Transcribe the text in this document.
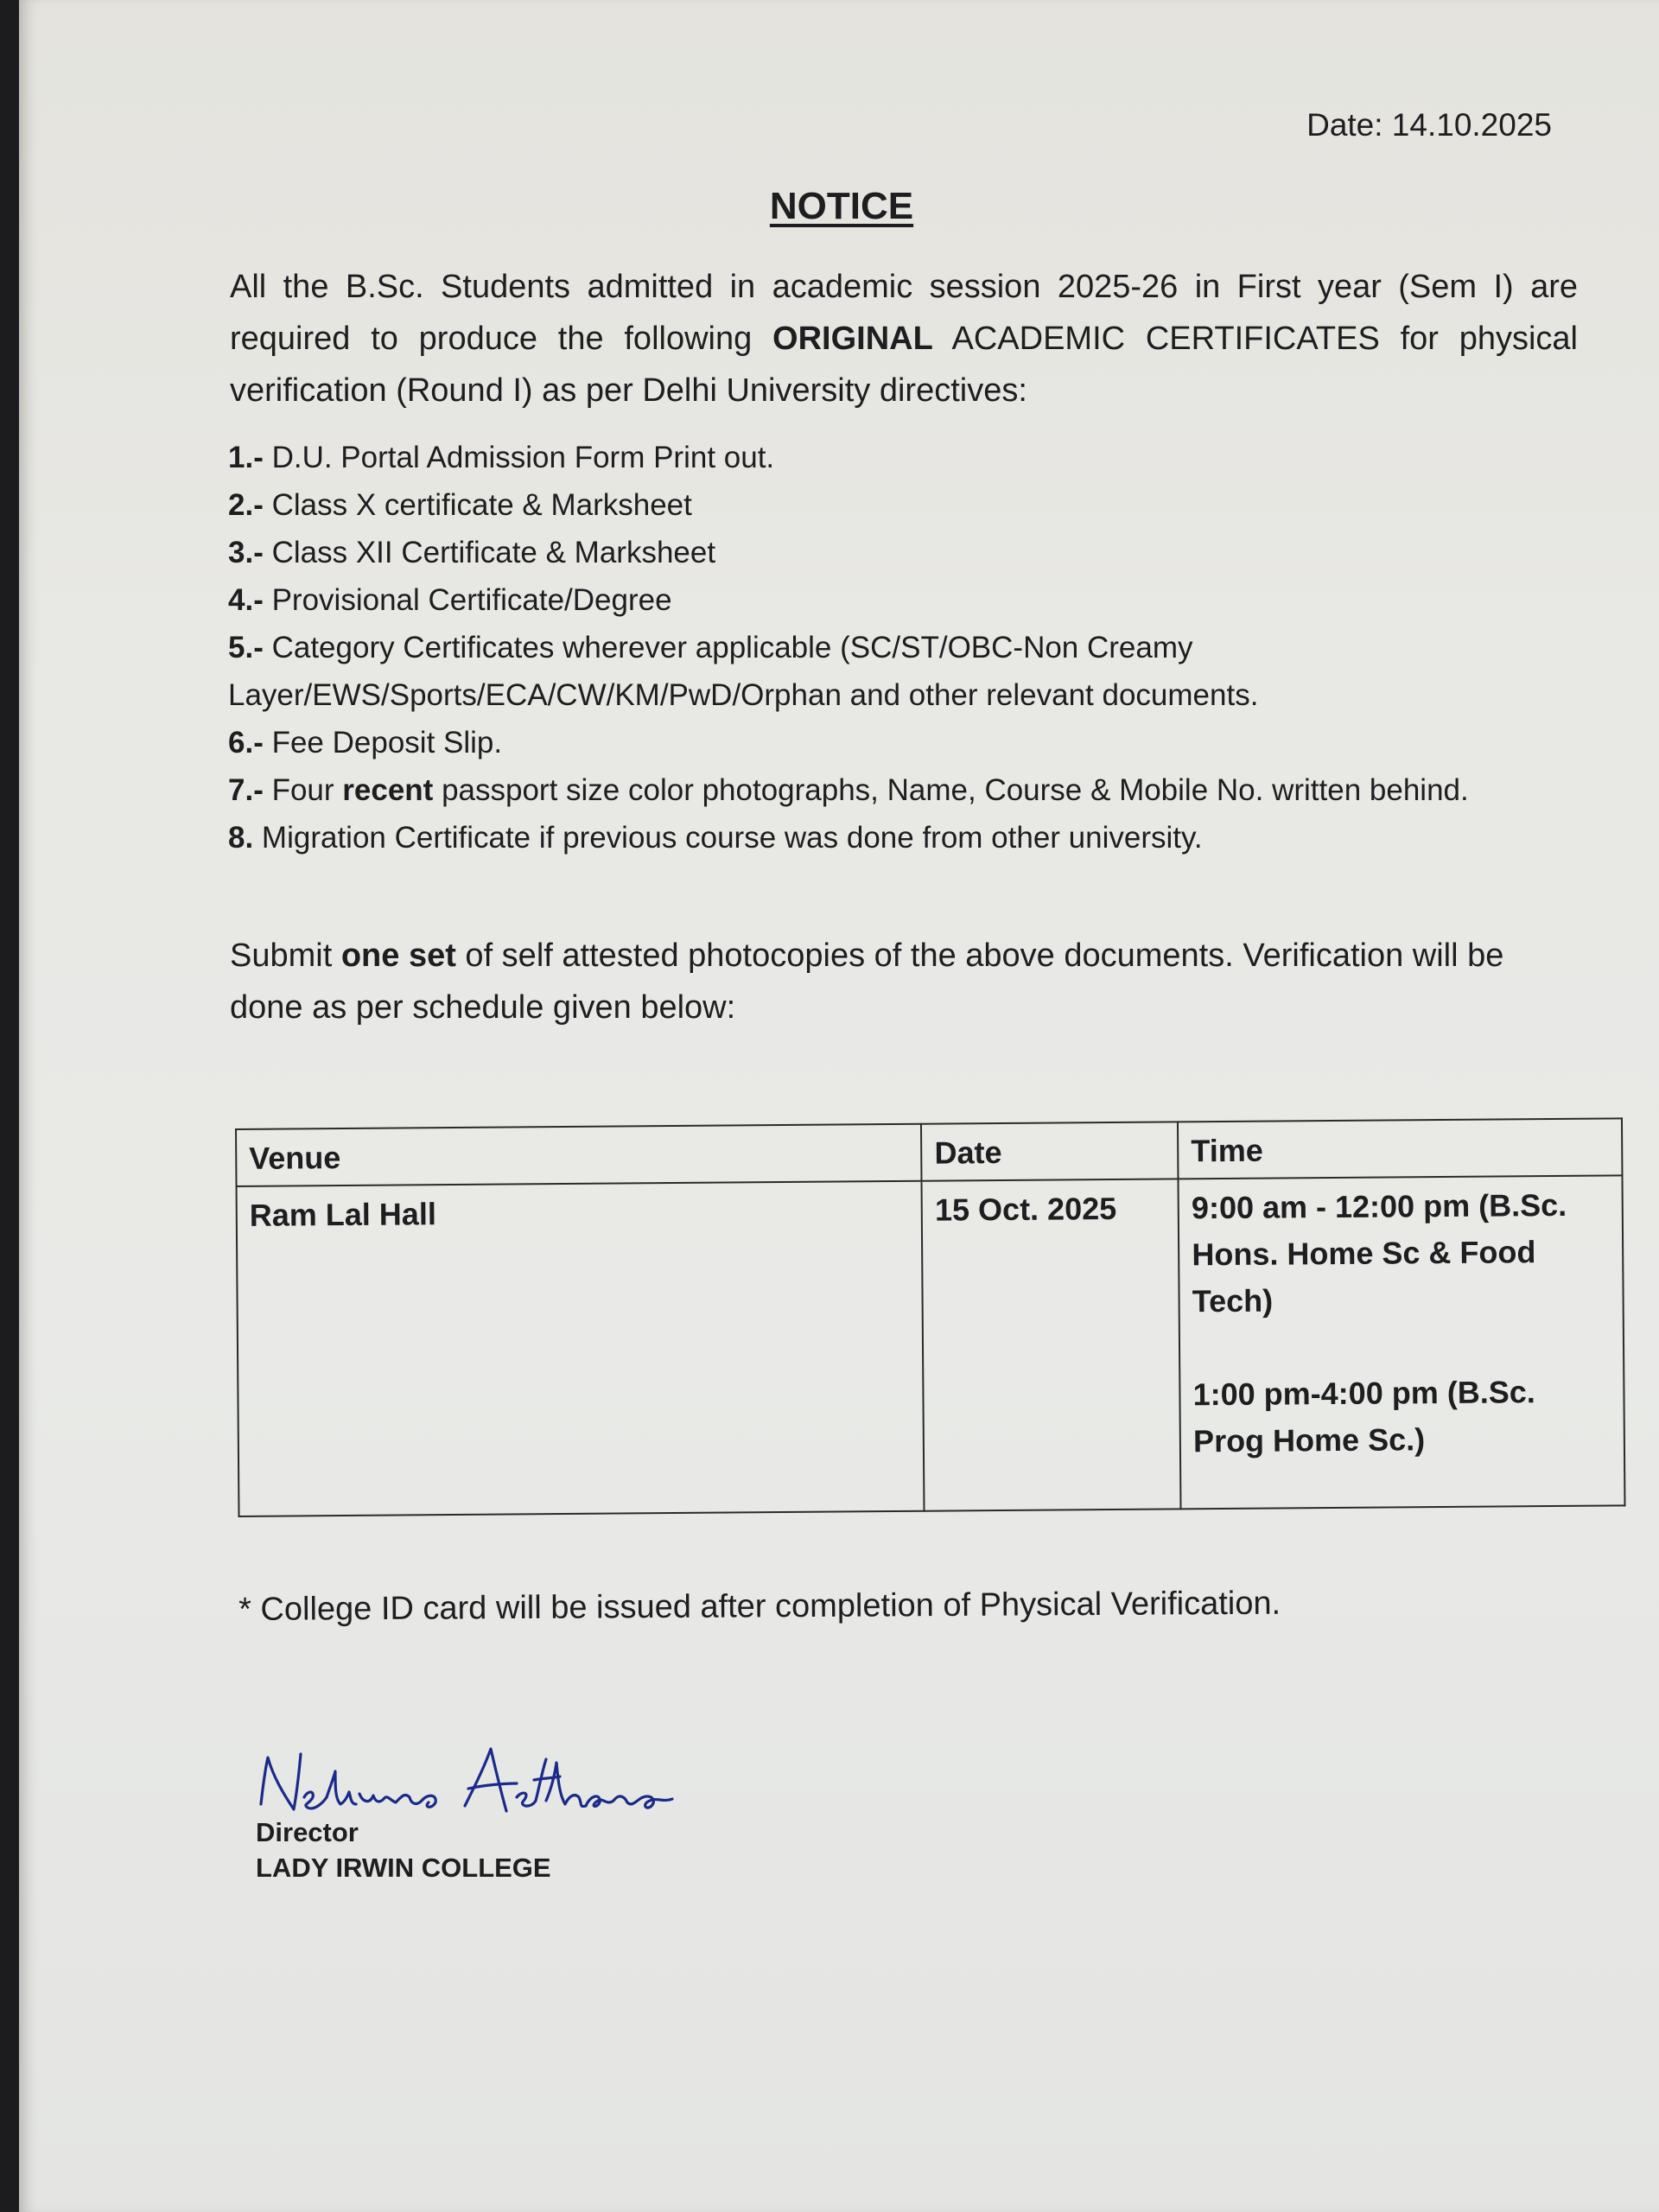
Date: 14.10.2025
NOTICE
All the B.Sc. Students admitted in academic session 2025-26 in First year (Sem I) are required to produce the following ORIGINAL ACADEMIC CERTIFICATES for physical verification (Round I) as per Delhi University directives:
1.- D.U. Portal Admission Form Print out.
2.- Class X certificate & Marksheet
3.- Class XII Certificate & Marksheet
4.- Provisional Certificate/Degree
5.- Category Certificates wherever applicable (SC/ST/OBC-Non Creamy Layer/EWS/Sports/ECA/CW/KM/PwD/Orphan and other relevant documents.
6.- Fee Deposit Slip.
7.- Four recent passport size color photographs, Name, Course & Mobile No. written behind.
8. Migration Certificate if previous course was done from other university.
Submit one set of self attested photocopies of the above documents. Verification will be done as per schedule given below:
Venue	Date	Time
Ram Lal Hall	15 Oct. 2025	9:00 am - 12:00 pm (B.Sc. Hons. Home Sc & Food Tech)
1:00 pm-4:00 pm (B.Sc. Prog Home Sc.)
* College ID card will be issued after completion of Physical Verification.
Director
LADY IRWIN COLLEGE
